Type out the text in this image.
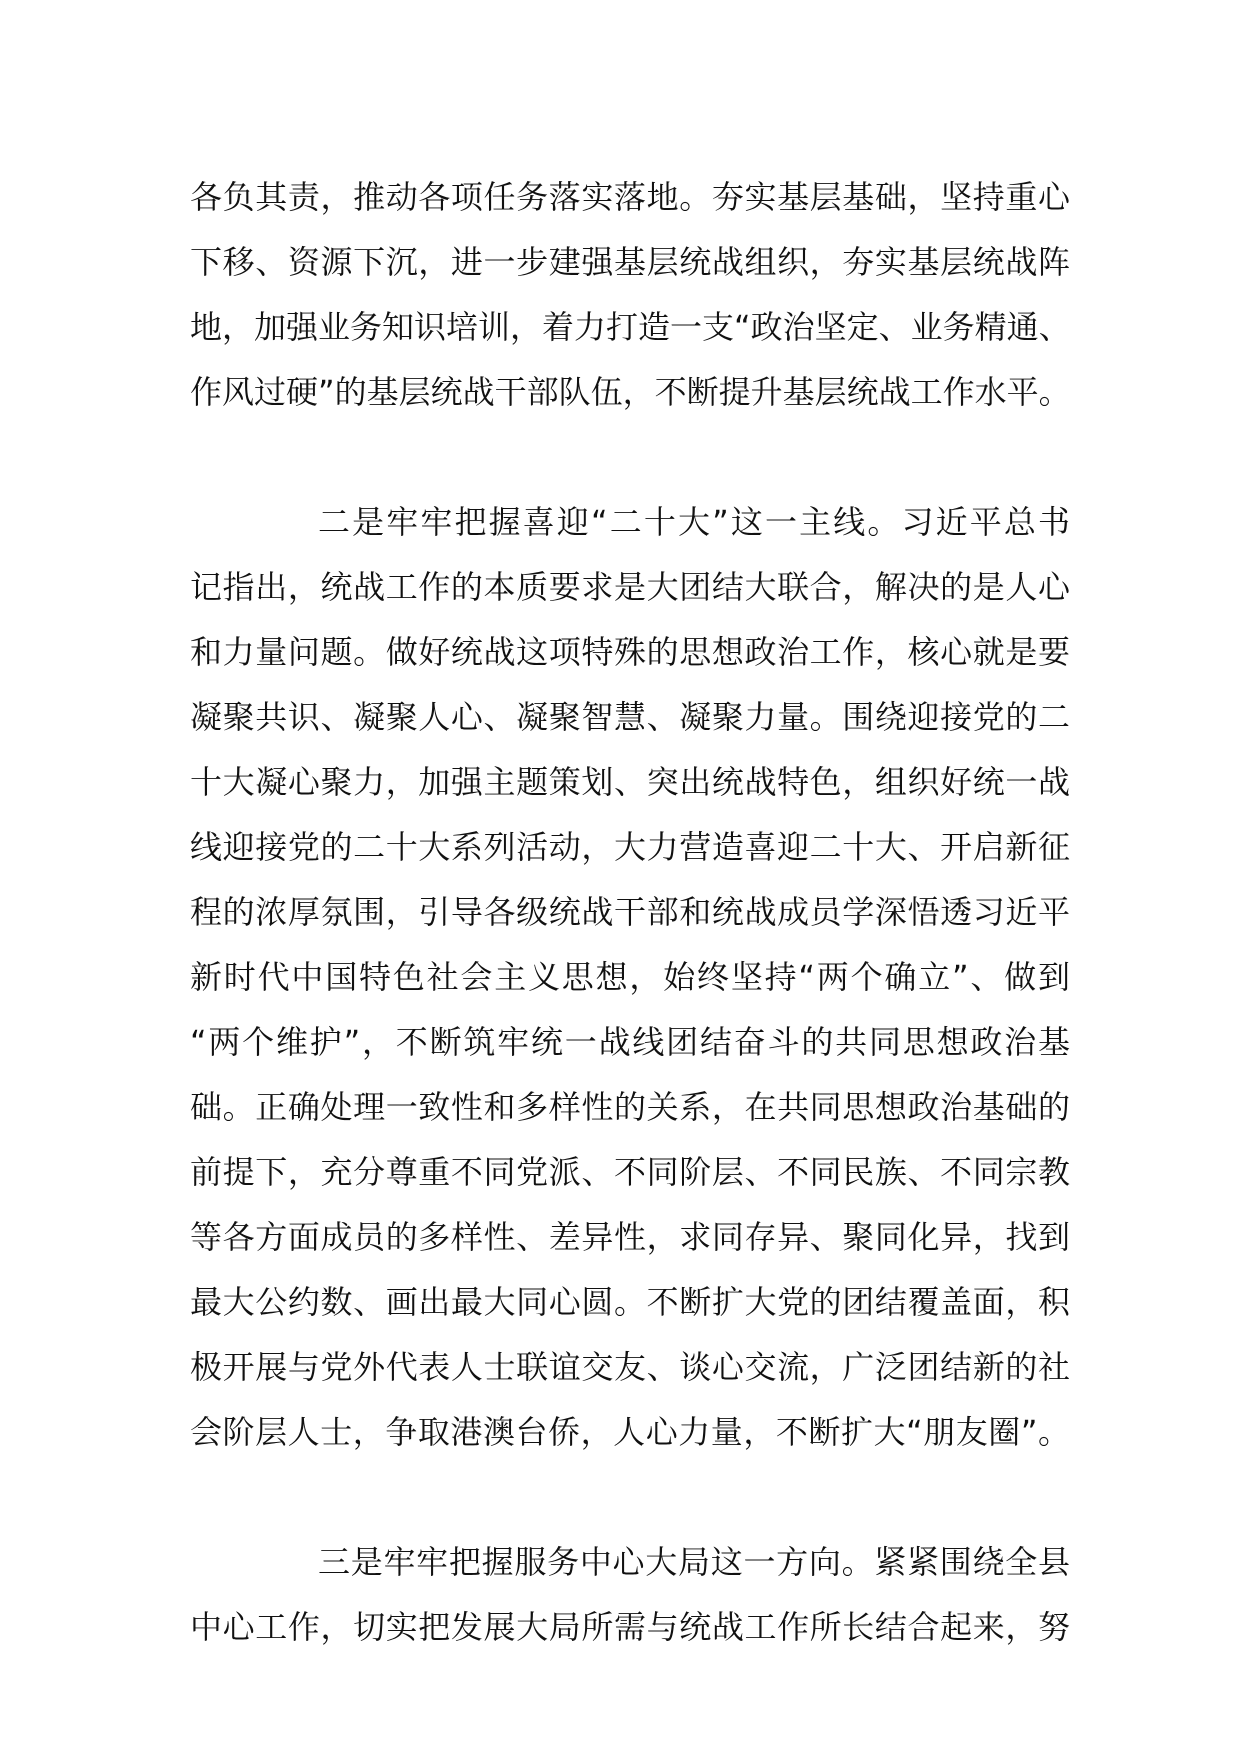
各负其责，推动各项任务落实落地。夯实基层基础，坚持重心
下移、资源下沉，进一步建强基层统战组织，夯实基层统战阵
地，加强业务知识培训，着力打造一支“政治坚定、业务精通、
作风过硬”的基层统战干部队伍，不断提升基层统战工作水平。
二是牢牢把握喜迎“二十大”这一主线。习近平总书
记指出，统战工作的本质要求是大团结大联合，解决的是人心
和力量问题。做好统战这项特殊的思想政治工作，核心就是要
凝聚共识、凝聚人心、凝聚智慧、凝聚力量。围绕迎接党的二
十大凝心聚力，加强主题策划、突出统战特色，组织好统一战
线迎接党的二十大系列活动，大力营造喜迎二十大、开启新征
程的浓厚氛围，引导各级统战干部和统战成员学深悟透习近平
新时代中国特色社会主义思想，始终坚持“两个确立”、做到
“两个维护”，不断筑牢统一战线团结奋斗的共同思想政治基
础。正确处理一致性和多样性的关系，在共同思想政治基础的
前提下，充分尊重不同党派、不同阶层、不同民族、不同宗教
等各方面成员的多样性、差异性，求同存异、聚同化异，找到
最大公约数、画出最大同心圆。不断扩大党的团结覆盖面，积
极开展与党外代表人士联谊交友、谈心交流，广泛团结新的社
会阶层人士，争取港澳台侨，人心力量，不断扩大“朋友圈”。
三是牢牢把握服务中心大局这一方向。紧紧围绕全县
中心工作，切实把发展大局所需与统战工作所长结合起来，努
